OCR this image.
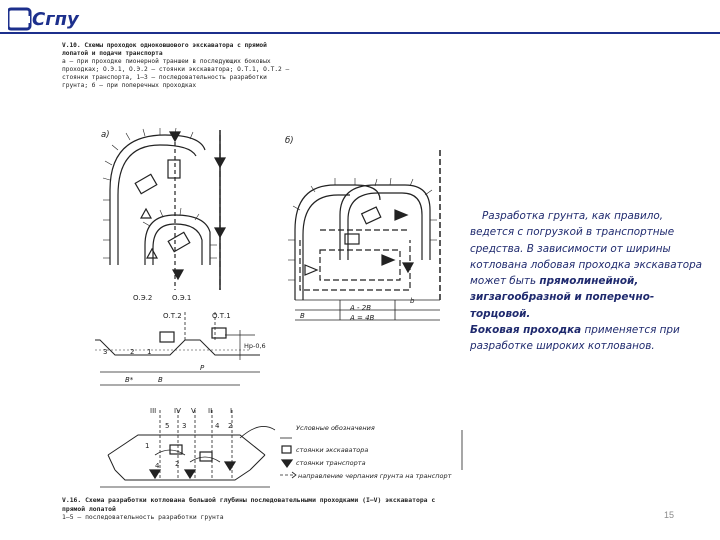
Сгпу
V.10. Схемы проходок одноковшового экскаватора с прямой лопатой и подачи транспорта
а — при проходке пионерной траншеи в последующих боковых проходках; О.Э.1, О.Э.2 — стоянки экскаватора; О.Т.1, О.Т.2 — стоянки транспорта, 1—3 — последовательность разработки грунта; б — при поперечных проходках
а)
б)
О.Э.2	О.Э.1
О.Т.2	О.Т.1
Hр-0,6
B*	B
P
b
A - 2B
A = 4B
B
3	2 1
III	IV V II	I
5 3	4 2
1
2
4
Условные обозначения
стоянки экскаватора
стоянки транспорта
направление черпания грунта на транспорт
V.16. Схема разработки котлована большой глубины последовательными проходками (I—V) экскаватора с прямой лопатой
1—5 — последовательность разработки грунта

Разработка грунта, как правило, ведется с погрузкой в транспортные средства. В зависимости от ширины котлована лобовая проходка экскаватора

может быть прямолинейной, зигзагообразной и поперечно-торцовой.

Боковая проходка применяется при разработке широких котлованов.

15
